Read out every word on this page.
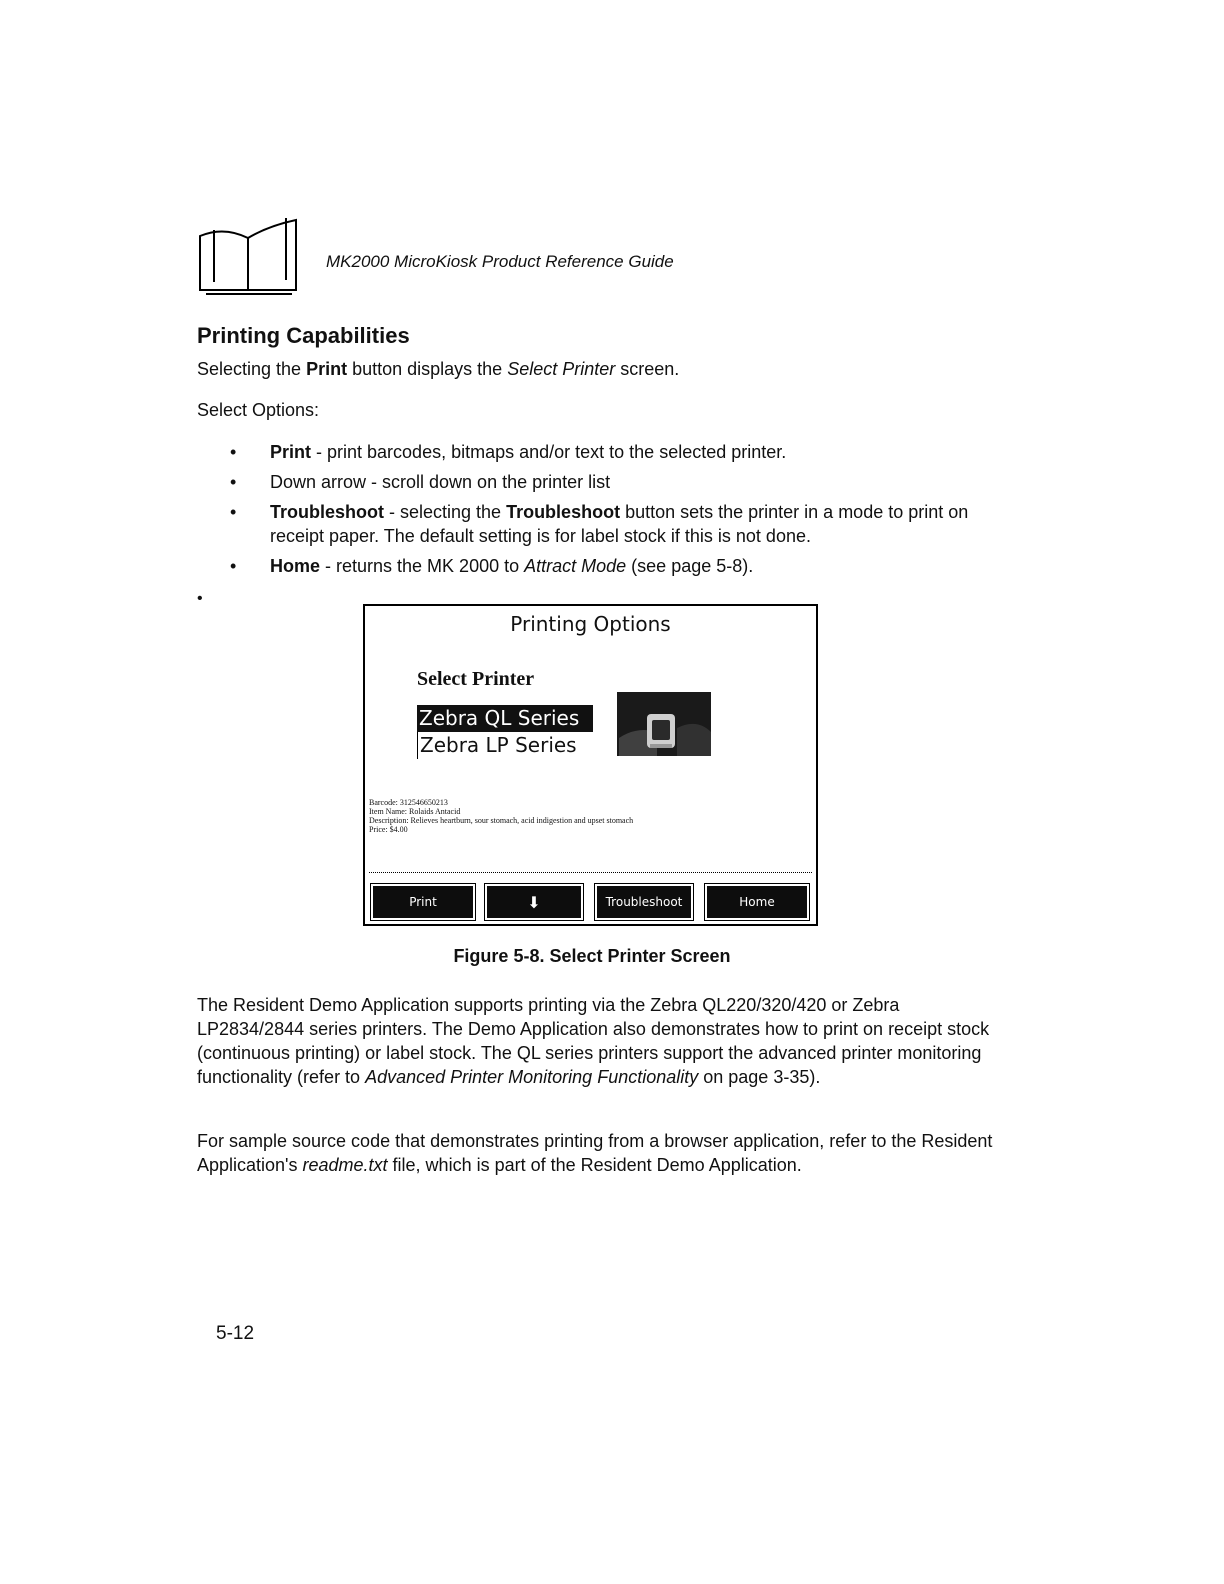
MK2000 MicroKiosk Product Reference Guide
Printing Capabilities

Selecting the Print button displays the Select Printer screen.

Select Options:

• Print - print barcodes, bitmaps and/or text to the selected printer.
• Down arrow - scroll down on the printer list
• Troubleshoot - selecting the Troubleshoot button sets the printer in a mode to print on receipt paper. The default setting is for label stock if this is not done.
• Home - returns the MK 2000 to Attract Mode (see page 5-8).
•
Printing Options
Select Printer
Zebra QL Series
Zebra LP Series
Barcode: 312546650213
Item Name: Rolaids Antacid
Description: Relieves heartburn, sour stomach, acid indigestion and upset stomach
Price: $4.00
Print	⬇	Troubleshoot	Home
Figure 5-8. Select Printer Screen

The Resident Demo Application supports printing via the Zebra QL220/320/420 or Zebra LP2834/2844 series printers. The Demo Application also demonstrates how to print on receipt stock (continuous printing) or label stock. The QL series printers support the advanced printer monitoring functionality (refer to Advanced Printer Monitoring Functionality on page 3-35).

For sample source code that demonstrates printing from a browser application, refer to the Resident Application's readme.txt file, which is part of the Resident Demo Application.

5-12
